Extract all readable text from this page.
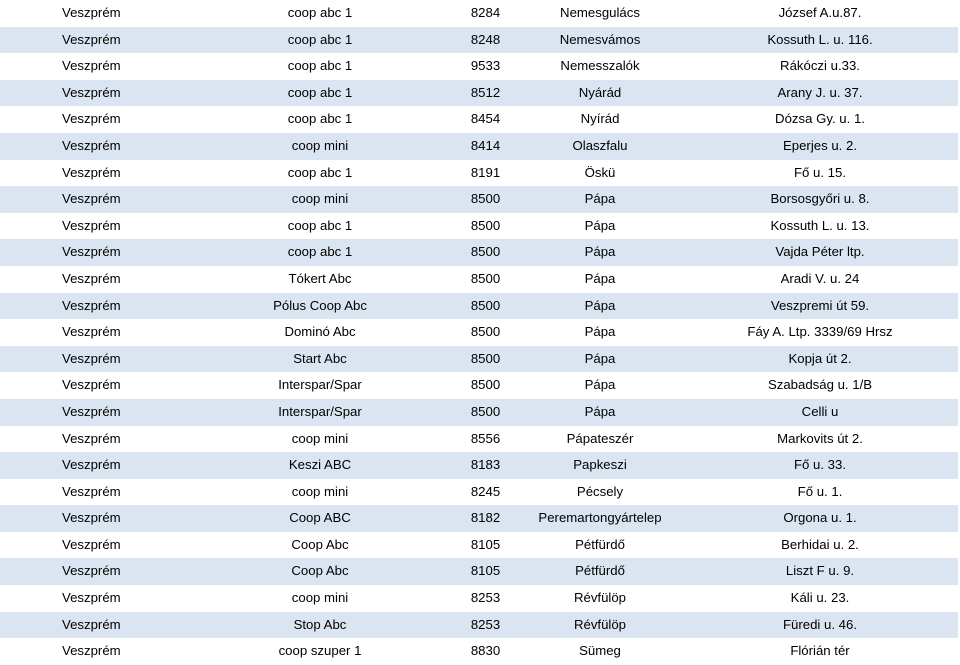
Veszprém	coop abc 1	8284	Nemesgulács	József A.u.87.
Veszprém	coop abc 1	8248	Nemesvámos	Kossuth L. u. 116.
Veszprém	coop abc 1	9533	Nemesszalók	Rákóczi u.33.
Veszprém	coop abc 1	8512	Nyárád	Arany J. u. 37.
Veszprém	coop abc 1	8454	Nyírád	Dózsa Gy. u. 1.
Veszprém	coop mini	8414	Olaszfalu	Eperjes u. 2.
Veszprém	coop abc 1	8191	Öskü	Fő u. 15.
Veszprém	coop mini	8500	Pápa	Borsosgyőri u. 8.
Veszprém	coop abc 1	8500	Pápa	Kossuth L. u. 13.
Veszprém	coop abc 1	8500	Pápa	Vajda Péter ltp.
Veszprém	Tókert Abc	8500	Pápa	Aradi V. u. 24
Veszprém	Pólus Coop Abc	8500	Pápa	Veszpremi út 59.
Veszprém	Dominó Abc	8500	Pápa	Fáy A. Ltp. 3339/69 Hrsz
Veszprém	Start Abc	8500	Pápa	Kopja út 2.
Veszprém	Interspar/Spar	8500	Pápa	Szabadság u. 1/B
Veszprém	Interspar/Spar	8500	Pápa	Celli u
Veszprém	coop mini	8556	Pápateszér	Markovits út 2.
Veszprém	Keszi ABC	8183	Papkeszi	Fő u. 33.
Veszprém	coop mini	8245	Pécsely	Fő u. 1.
Veszprém	Coop ABC	8182	Peremartongyártelep	Orgona u. 1.
Veszprém	Coop Abc	8105	Pétfürdő	Berhidai u. 2.
Veszprém	Coop Abc	8105	Pétfürdő	Liszt F u. 9.
Veszprém	coop mini	8253	Révfülöp	Káli u. 23.
Veszprém	Stop Abc	8253	Révfülöp	Füredi u. 46.
Veszprém	coop szuper 1	8830	Sümeg	Flórián tér
